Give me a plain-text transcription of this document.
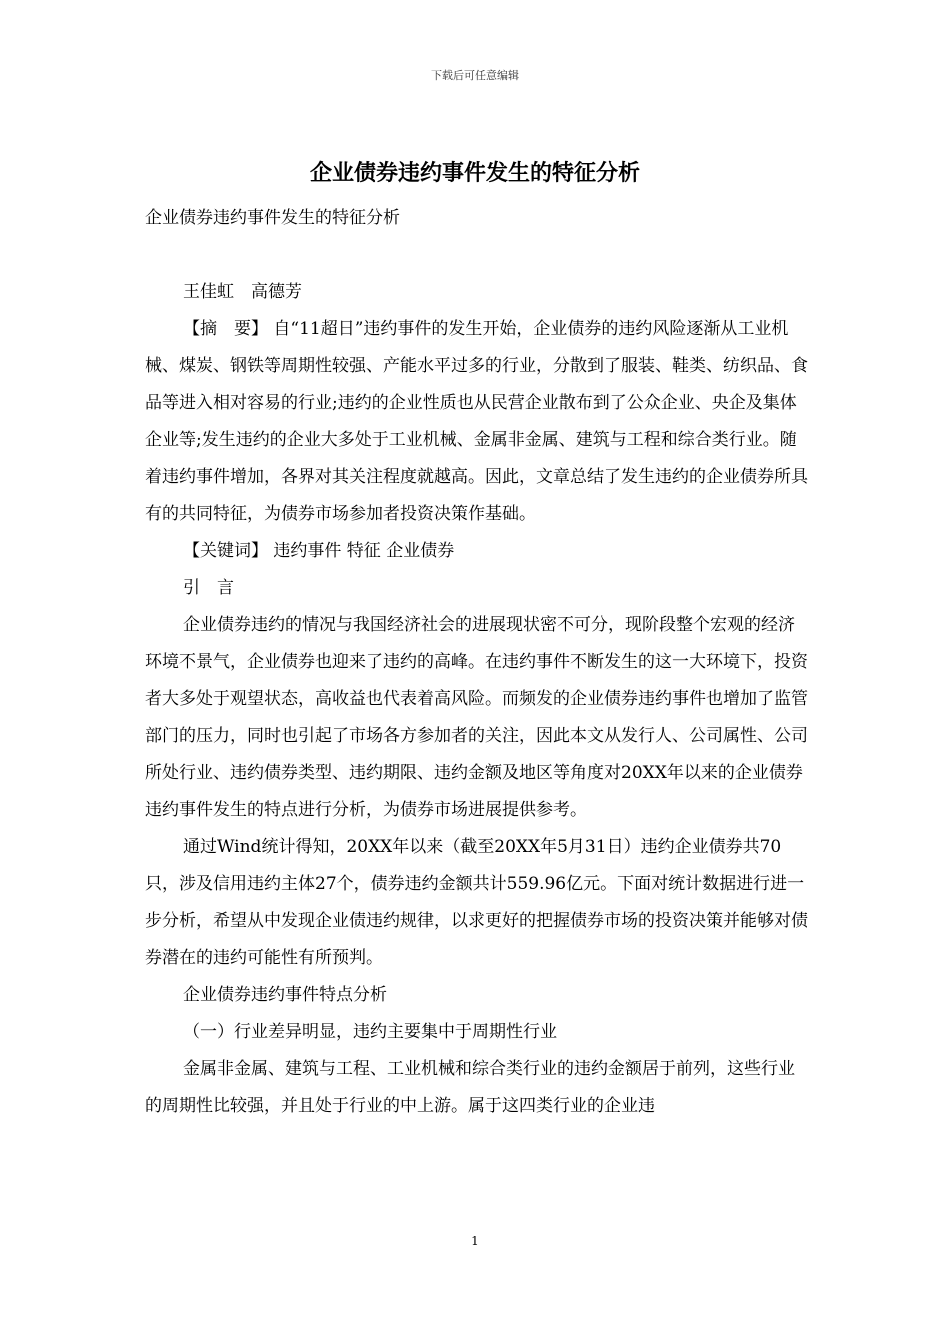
下载后可任意编辑
企业债券违约事件发生的特征分析

企业债券违约事件发生的特征分析

王佳虹　高德芳

【摘　要】 自“11超日”违约事件的发生开始，企业债券的违约风险逐渐从工业机械、煤炭、钢铁等周期性较强、产能水平过多的行业，分散到了服装、鞋类、纺织品、食品等进入相对容易的行业;违约的企业性质也从民营企业散布到了公众企业、央企及集体企业等;发生违约的企业大多处于工业机械、金属非金属、建筑与工程和综合类行业。随着违约事件增加，各界对其关注程度就越高。因此，文章总结了发生违约的企业债券所具有的共同特征，为债券市场参加者投资决策作基础。

【关键词】 违约事件 特征 企业债券

引　言

企业债券违约的情况与我国经济社会的进展现状密不可分，现阶段整个宏观的经济环境不景气，企业债券也迎来了违约的高峰。在违约事件不断发生的这一大环境下，投资者大多处于观望状态，高收益也代表着高风险。而频发的企业债券违约事件也增加了监管部门的压力，同时也引起了市场各方参加者的关注，因此本文从发行人、公司属性、公司所处行业、违约债券类型、违约期限、违约金额及地区等角度对20XX年以来的企业债券违约事件发生的特点进行分析，为债券市场进展提供参考。

通过Wind统计得知，20XX年以来（截至20XX年5月31日）违约企业债券共70只，涉及信用违约主体27个，债券违约金额共计559.96亿元。下面对统计数据进行进一步分析，希望从中发现企业债违约规律，以求更好的把握债券市场的投资决策并能够对债券潜在的违约可能性有所预判。

企业债券违约事件特点分析

（一）行业差异明显，违约主要集中于周期性行业

金属非金属、建筑与工程、工业机械和综合类行业的违约金额居于前列，这些行业的周期性比较强，并且处于行业的中上游。属于这四类行业的企业违

1
